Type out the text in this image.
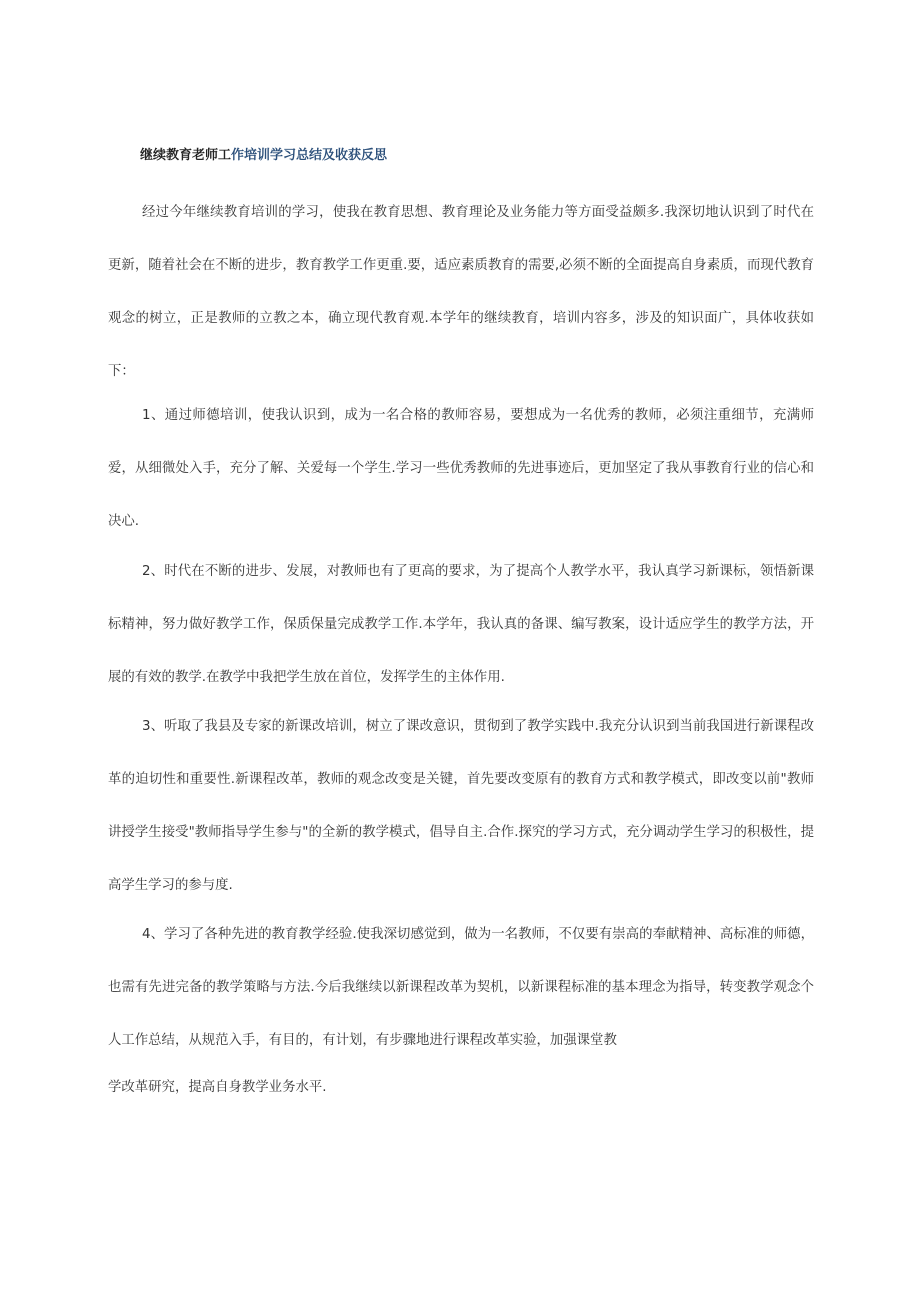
继续教育老师工作培训学习总结及收获反思

经过今年继续教育培训的学习，使我在教育思想、教育理论及业务能力等方面受益颇多.我深切地认识到了时代在更新，随着社会在不断的进步，教育教学工作更重.要，适应素质教育的需要,必须不断的全面提高自身素质，而现代教育观念的树立，正是教师的立教之本，确立现代教育观.本学年的继续教育，培训内容多，涉及的知识面广，具体收获如下：

1、通过师德培训，使我认识到，成为一名合格的教师容易，要想成为一名优秀的教师，必须注重细节，充满师爱，从细微处入手，充分了解、关爱每一个学生.学习一些优秀教师的先进事迹后，更加坚定了我从事教育行业的信心和决心.

2、时代在不断的进步、发展，对教师也有了更高的要求，为了提高个人教学水平，我认真学习新课标，领悟新课标精神，努力做好教学工作，保质保量完成教学工作.本学年，我认真的备课、编写教案，设计适应学生的教学方法，开展的有效的教学.在教学中我把学生放在首位，发挥学生的主体作用.

3、听取了我县及专家的新课改培训，树立了课改意识，贯彻到了教学实践中.我充分认识到当前我国进行新课程改革的迫切性和重要性.新课程改革，教师的观念改变是关键，首先要改变原有的教育方式和教学模式，即改变以前"教师讲授学生接受"教师指导学生参与"的全新的教学模式，倡导自主.合作.探究的学习方式，充分调动学生学习的积极性，提高学生学习的参与度.

4、学习了各种先进的教育教学经验.使我深切感觉到，做为一名教师，不仅要有崇高的奉献精神、高标准的师德，也需有先进完备的教学策略与方法.今后我继续以新课程改革为契机，以新课程标准的基本理念为指导，转变教学观念个人工作总结，从规范入手，有目的，有计划，有步骤地进行课程改革实验，加强课堂教

学改革研究，提高自身教学业务水平.
